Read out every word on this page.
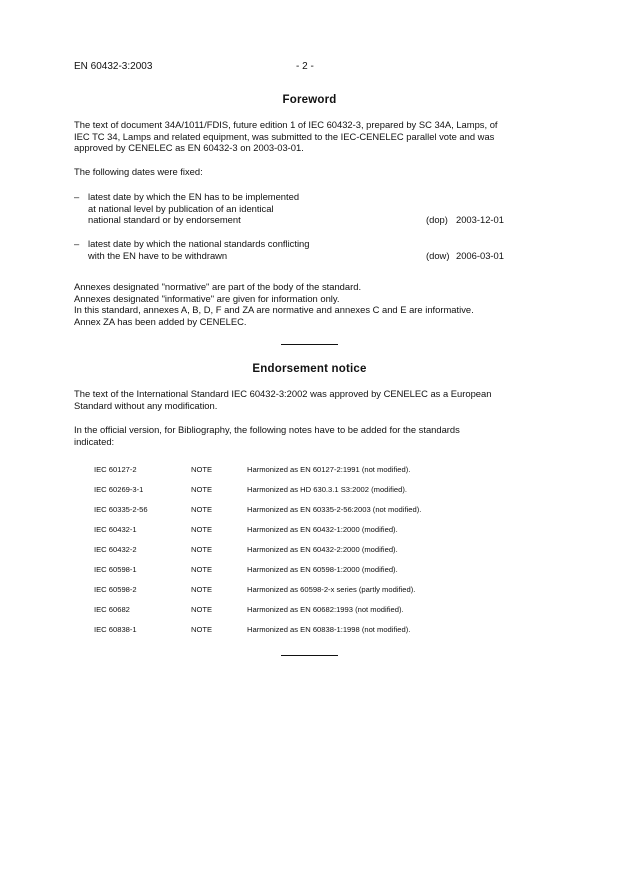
EN 60432-3:2003	- 2 -
Foreword
The text of document 34A/1011/FDIS, future edition 1 of IEC 60432-3, prepared by SC 34A, Lamps, of
IEC TC 34, Lamps and related equipment, was submitted to the IEC-CENELEC parallel vote and was
approved by CENELEC as EN 60432-3 on 2003-03-01.
The following dates were fixed:
– latest date by which the EN has to be implemented
at national level by publication of an identical
national standard or by endorsement	(dop) 2003-12-01
– latest date by which the national standards conflicting
with the EN have to be withdrawn	(dow) 2006-03-01
Annexes designated "normative" are part of the body of the standard.
Annexes designated "informative" are given for information only.
In this standard, annexes A, B, D, F and ZA are normative and annexes C and E are informative.
Annex ZA has been added by CENELEC.
Endorsement notice
The text of the International Standard IEC 60432-3:2002 was approved by CENELEC as a European
Standard without any modification.
In the official version, for Bibliography, the following notes have to be added for the standards
indicated:
IEC 60127-2	NOTE	Harmonized as EN 60127-2:1991 (not modified).
IEC 60269-3-1	NOTE	Harmonized as HD 630.3.1 S3:2002 (modified).
IEC 60335-2-56	NOTE	Harmonized as EN 60335-2-56:2003 (not modified).
IEC 60432-1	NOTE	Harmonized as EN 60432-1:2000 (modified).
IEC 60432-2	NOTE	Harmonized as EN 60432-2:2000 (modified).
IEC 60598-1	NOTE	Harmonized as EN 60598-1:2000 (modified).
IEC 60598-2	NOTE	Harmonized as 60598-2-x series (partly modified).
IEC 60682	NOTE	Harmonized as EN 60682:1993 (not modified).
IEC 60838-1	NOTE	Harmonized as EN 60838-1:1998 (not modified).
